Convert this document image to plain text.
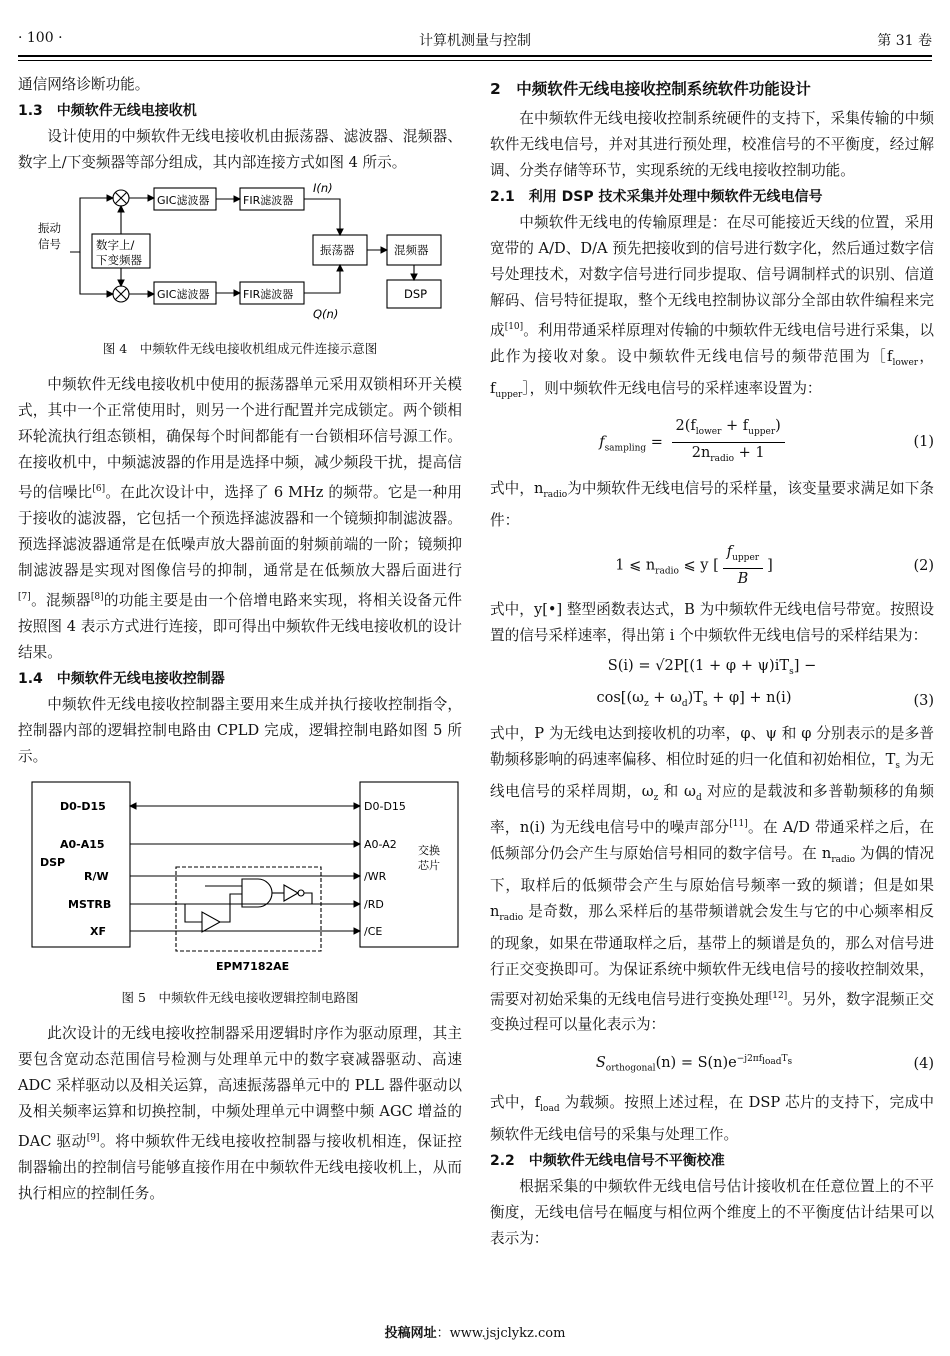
· 100 ·	计算机测量与控制	第 31 卷

通信网络诊断功能。

1.3　中频软件无线电接收机

设计使用的中频软件无线电接收机由振荡器、滤波器、混频器、数字上/下变频器等部分组成，其内部连接方式如图 4 所示。

振动
信号	数字上/
下变频器
GIC滤波器
GIC滤波器
FIR滤波器
FIR滤波器
振荡器	混频器
DSP
I(n)
Q(n)
图 4　中频软件无线电接收机组成元件连接示意图

中频软件无线电接收机中使用的振荡器单元采用双锁相环开关模式，其中一个正常使用时，则另一个进行配置并完成锁定。两个锁相环轮流执行组态锁相，确保每个时间都能有一台锁相环信号源工作。在接收机中，中频滤波器的作用是选择中频，减少频段干扰，提高信号的信噪比[6]。在此次设计中，选择了 6 MHz 的频带。它是一种用于接收的滤波器，它包括一个预选择滤波器和一个镜频抑制滤波器。预选择滤波器通常是在低噪声放大器前面的射频前端的一阶；镜频抑制滤波器是实现对图像信号的抑制，通常是在低频放大器后面进行[7]。混频器[8]的功能主要是由一个倍增电路来实现，将相关设备元件按照图 4 表示方式进行连接，即可得出中频软件无线电接收机的设计结果。

1.4　中频软件无线电接收控制器

中频软件无线电接收控制器主要用来生成并执行接收控制指令，控制器内部的逻辑控制电路由 CPLD 完成，逻辑控制电路如图 5 所示。

D0-D15
A0-A15
R/W
MSTRB
XF
DSP
D0-D15
A0-A2
/WR
/RD
/CE
交换
芯片
EPM7182AE
图 5　中频软件无线电接收逻辑控制电路图

此次设计的无线电接收控制器采用逻辑时序作为驱动原理，其主要包含宽动态范围信号检测与处理单元中的数字衰减器驱动、高速 ADC 采样驱动以及相关运算，高速振荡器单元中的 PLL 器件驱动以及相关频率运算和切换控制，中频处理单元中调整中频 AGC 增益的 DAC 驱动[9]。将中频软件无线电接收控制器与接收机相连，保证控制器输出的控制信号能够直接作用在中频软件无线电接收机上，从而执行相应的控制任务。

2　中频软件无线电接收控制系统软件功能设计

在中频软件无线电接收控制系统硬件的支持下，采集传输的中频软件无线电信号，并对其进行预处理，校准信号的不平衡度，经过解调、分类存储等环节，实现系统的无线电接收控制功能。

2.1　利用 DSP 技术采集并处理中频软件无线电信号

中频软件无线电的传输原理是：在尽可能接近天线的位置，采用宽带的 A/D、D/A 预先把接收到的信号进行数字化，然后通过数字信号处理技术，对数字信号进行同步提取、信号调制样式的识别、信道解码、信号特征提取，整个无线电控制协议部分全部由软件编程来完成[10]。利用带通采样原理对传输的中频软件无线电信号进行采集，以此作为接收对象。设中频软件无线电信号的频带范围为$[f_{lower}$，$f_{upper}]$，则中频软件无线电信号的采样速率设置为：

$f_{sampling} = \frac{2(f_{lower} + f_{upper})}{2n_{radio} + 1}$	(1)

式中，$n_{radio}$为中频软件无线电信号的采样量，该变量要求满足如下条件：

1 ⩽ $n_{radio}$ ⩽ y [ $\frac{f_{upper}}{B}$ ]	(2)

式中，y[•] 整型函数表达式，B 为中频软件无线电信号带宽。按照设置的信号采样速率，得出第 i 个中频软件无线电信号的采样结果为：

$S(i) = √2P[(1 + \varphi + \psi)iT_s]$ −
$\cos[(\omega_z + \omega_d)T_s + \varphi] + n(i)$	(3)

式中，P 为无线电达到接收机的功率，φ、ψ 和 φ 分别表示的是多普勒频移影响的码速率偏移、相位时延的归一化值和初始相位，$T_s$ 为无线电信号的采样周期，$\omega_z$ 和 $\omega_d$ 对应的是载波和多普勒频移的角频率，n(i) 为无线电信号中的噪声部分[11]。在 A/D 带通采样之后，在低频部分仍会产生与原始信号相同的数字信号。在 $n_{radio}$ 为偶的情况下，取样后的低频带会产生与原始信号频率一致的频谱；但是如果 $n_{radio}$ 是奇数，那么采样后的基带频谱就会发生与它的中心频率相反的现象，如果在带通取样之后，基带上的频谱是负的，那么对信号进行正交变换即可。为保证系统中频软件无线电信号的接收控制效果，需要对初始采集的无线电信号进行变换处理[12]。另外，数字混频正交变换过程可以量化表示为：

$S_{orthogonal}(n) = S(n)e^{-j2\pi f_{load}T_s}$	(4)

式中，$f_{load}$ 为载频。按照上述过程，在 DSP 芯片的支持下，完成中频软件无线电信号的采集与处理工作。

2.2　中频软件无线电信号不平衡校准

根据采集的中频软件无线电信号估计接收机在任意位置上的不平衡度，无线电信号在幅度与相位两个维度上的不平衡度估计结果可以表示为：

投稿网址：www.jsjclykz.com
